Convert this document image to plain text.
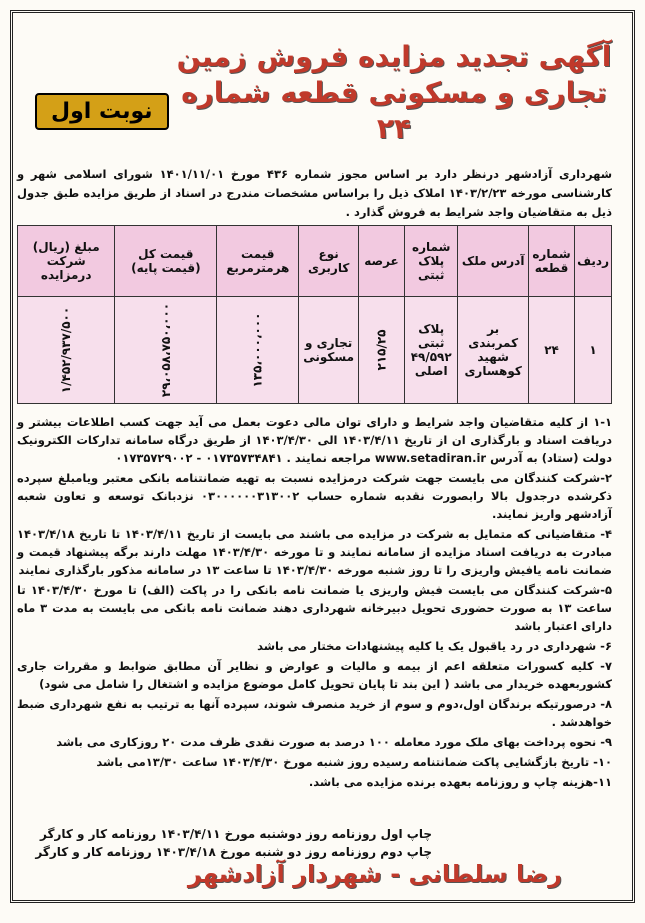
آگهی تجدید مزایده فروش زمین
تجاری و مسکونی قطعه شماره ۲۴
نوبت اول
شهرداری آزادشهر درنظر دارد بر اساس مجوز شماره ۴۳۶ مورخ ۱۴۰۱/۱۱/۰۱ شورای اسلامی شهر و کارشناسی مورخه ۱۴۰۳/۲/۲۳ املاک ذیل را براساس مشخصات مندرج در اسناد از طریق مزایده طبق جدول ذیل به متقاضیان واجد شرایط به فروش گذارد .
ردیف	شماره قطعه	آدرس ملک	شماره پلاک ثبتی	عرصه	نوع کاربری	قیمت هرمترمربع	قیمت کل (قیمت پایه)	مبلغ (ریال) شرکت درمزایده
۱	۲۴	بر کمربندی شهید کوهساری	پلاک ثبتی ۴۹/۵۹۲ اصلی	۲۱۵/۲۵	تجاری و مسکونی	۱۳۵،۰۰۰،۰۰۰	۲۹،۰۵۸،۷۵۰،۰۰۰	۱/۴۵۲/۹۳۷/۵۰۰

۱-۱ از کلیه متقاضیان واجد شرایط و دارای توان مالی دعوت بعمل می آید جهت کسب اطلاعات بیشتر و دریافت اسناد و بارگذاری ان از تاریخ ۱۴۰۳/۴/۱۱ الی ۱۴۰۳/۴/۳۰ از طریق درگاه سامانه تدارکات الکترونیک دولت (ستاد) به آدرس www.setadiran.ir مراجعه نمایند . ۰۱۷۳۵۷۳۴۸۴۱ - ۰۱۷۳۵۷۲۹۰۰۲

۲-شرکت کنندگان می بایست جهت شرکت درمزایده نسبت به تهیه ضمانتنامه بانکی معتبر ویامبلغ سپرده ذکرشده درجدول بالا رابصورت نقدبه شماره حساب ۰۳۰۰۰۰۰۰۳۱۳۰۰۲ نزدبانک توسعه و تعاون شعبه آزادشهر واریز نمایند.

۴- متقاضیانی که متمایل به شرکت در مزایده می باشند می بایست از تاریخ ۱۴۰۳/۴/۱۱ تا تاریخ ۱۴۰۳/۴/۱۸ مبادرت به دریافت اسناد مزایده از سامانه نمایند و تا مورخه ۱۴۰۳/۴/۳۰ مهلت دارند برگه پیشنهاد قیمت و ضمانت نامه یافیش واریزی را تا روز شنبه مورخه ۱۴۰۳/۴/۳۰ تا ساعت ۱۳ در سامانه مذکور بارگذاری نمایند

۵-شرکت کنندگان می بایست فیش واریزی یا ضمانت نامه بانکی را در پاکت (الف) تا مورخ ۱۴۰۳/۴/۳۰ تا ساعت ۱۳ به صورت حضوری تحویل دبیرخانه شهرداری دهند ضمانت نامه بانکی می بایست به مدت ۳ ماه دارای اعتبار باشد

۶- شهرداری در رد یاقبول یک یا کلیه پیشنهادات مختار می باشد

۷- کلیه کسورات متعلقه اعم از بیمه و مالیات و عوارض و نظایر آن مطابق ضوابط و مقررات جاری کشوربعهده خریدار می باشد ( این بند تا پایان تحویل کامل موضوع مزایده و اشتغال را شامل می شود)

۸- درصورتیکه برندگان اول،دوم و سوم از خرید منصرف شوند، سپرده آنها به ترتیب به نفع شهرداری ضبط خواهدشد .

۹- نحوه پرداخت بهای ملک مورد معامله ۱۰۰ درصد به صورت نقدی ظرف مدت ۲۰ روزکاری می باشد

۱۰- تاریخ بازگشایی پاکت ضمانتنامه رسیده روز شنبه مورخ ۱۴۰۳/۴/۳۰ ساعت ۱۳/۳۰می باشد

۱۱-هزینه چاپ و روزنامه بعهده برنده مزایده می باشد.

چاپ اول روزنامه روز دوشنبه مورخ ۱۴۰۳/۴/۱۱ روزنامه کار و کارگر
چاپ دوم روزنامه روز دو شنبه مورخ ۱۴۰۳/۴/۱۸ روزنامه کار و کارگر
رضا سلطانی - شهردار آزادشهر
